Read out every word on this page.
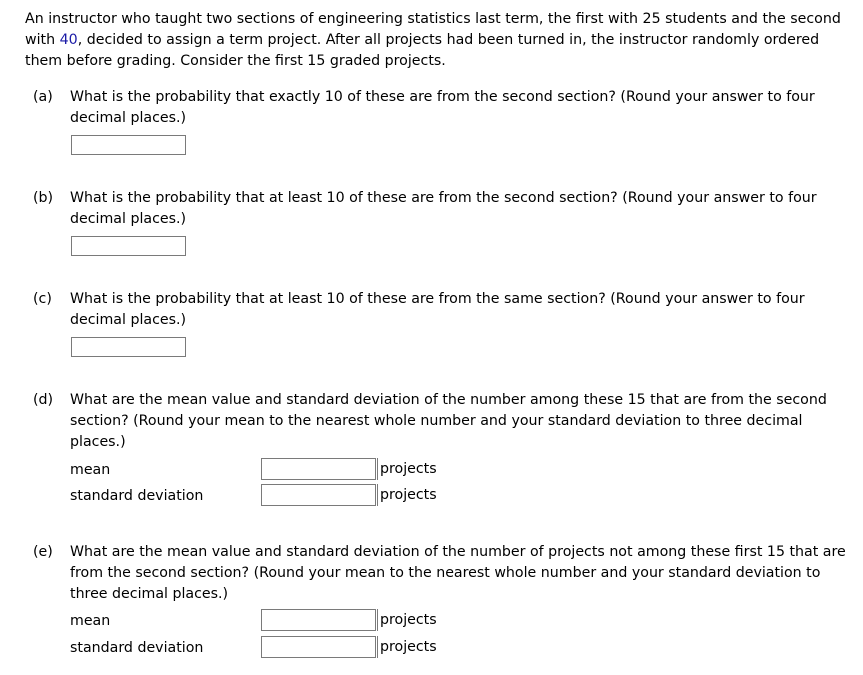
An instructor who taught two sections of engineering statistics last term, the first with 25 students and the second with 40, decided to assign a term project. After all projects had been turned in, the instructor randomly ordered them before grading. Consider the first 15 graded projects.

(a) What is the probability that exactly 10 of these are from the second section? (Round your answer to four decimal places.)

(b) What is the probability that at least 10 of these are from the second section? (Round your answer to four decimal places.)

(c) What is the probability that at least 10 of these are from the same section? (Round your answer to four decimal places.)

(d) What are the mean value and standard deviation of the number among these 15 that are from the second section? (Round your mean to the nearest whole number and your standard deviation to three decimal places.)

mean	projects
standard deviation	projects
(e) What are the mean value and standard deviation of the number of projects not among these first 15 that are from the second section? (Round your mean to the nearest whole number and your standard deviation to three decimal places.)

mean	projects
standard deviation	projects
